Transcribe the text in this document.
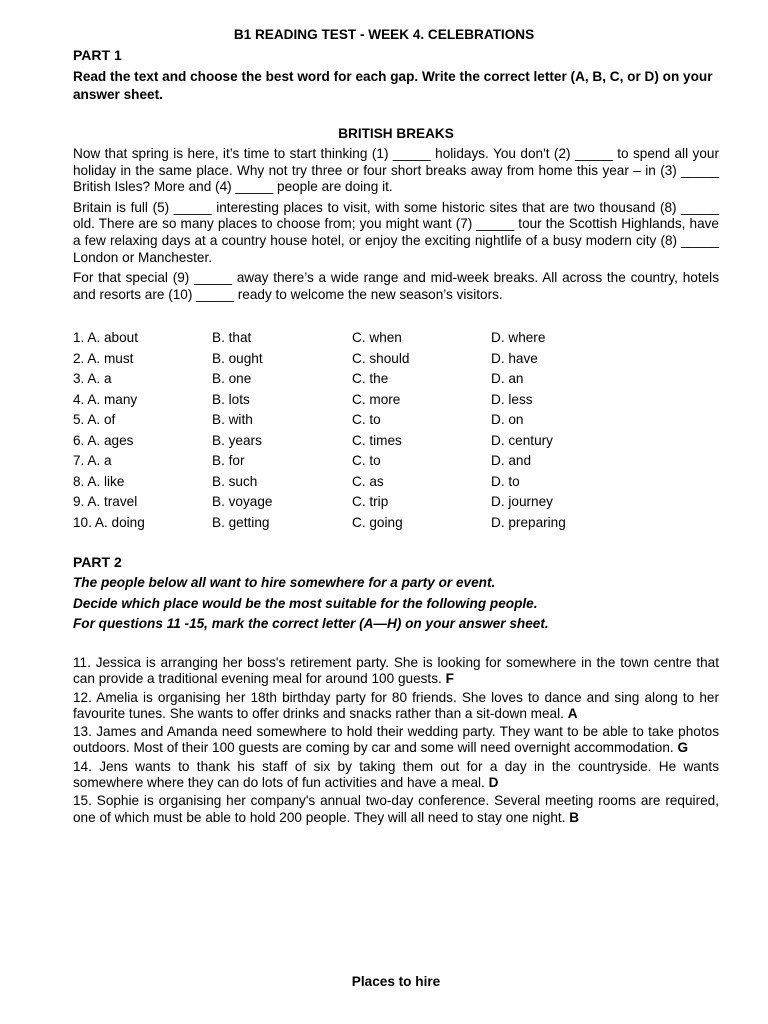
B1 READING TEST - WEEK 4. CELEBRATIONS
PART 1
Read the text and choose the best word for each gap. Write the correct letter (A, B, C, or D) on your answer sheet.
BRITISH BREAKS

Now that spring is here, it’s time to start thinking (1) _____ holidays. You don't (2) _____ to spend all your holiday in the same place. Why not try three or four short breaks away from home this year – in (3) _____ British Isles? More and (4) _____ people are doing it.

Britain is full (5) _____ interesting places to visit, with some historic sites that are two thousand (8) _____ old. There are so many places to choose from; you might want (7) _____ tour the Scottish Highlands, have a few relaxing days at a country house hotel, or enjoy the exciting nightlife of a busy modern city (8) _____ London or Manchester.

For that special (9) _____ away there’s a wide range and mid-week breaks. All across the country, hotels and resorts are (10) _____ ready to welcome the new season’s visitors.

1. A. about	B. that	C. when	D. where
2. A. must	B. ought	C. should	D. have
3. A. a	B. one	C. the	D. an
4. A. many	B. lots	C. more	D. less
5. A. of	B. with	C. to	D. on
6. A. ages	B. years	C. times	D. century
7. A. a	B. for	C. to	D. and
8. A. like	B. such	C. as	D. to
9. A. travel	B. voyage	C. trip	D. journey
10. A. doing	B. getting	C. going	D. preparing
PART 2
The people below all want to hire somewhere for a party or event.
Decide which place would be the most suitable for the following people.
For questions 11 -15, mark the correct letter (A—H) on your answer sheet.
11. Jessica is arranging her boss's retirement party. She is looking for somewhere in the town centre that can provide a traditional evening meal for around 100 guests. F
12. Amelia is organising her 18th birthday party for 80 friends. She loves to dance and sing along to her favourite tunes. She wants to offer drinks and snacks rather than a sit-down meal. A
13. James and Amanda need somewhere to hold their wedding party. They want to be able to take photos outdoors. Most of their 100 guests are coming by car and some will need overnight accommodation. G
14. Jens wants to thank his staff of six by taking them out for a day in the countryside. He wants somewhere where they can do lots of fun activities and have a meal. D
15. Sophie is organising her company's annual two-day conference. Several meeting rooms are required, one of which must be able to hold 200 people. They will all need to stay one night. B
Places to hire
